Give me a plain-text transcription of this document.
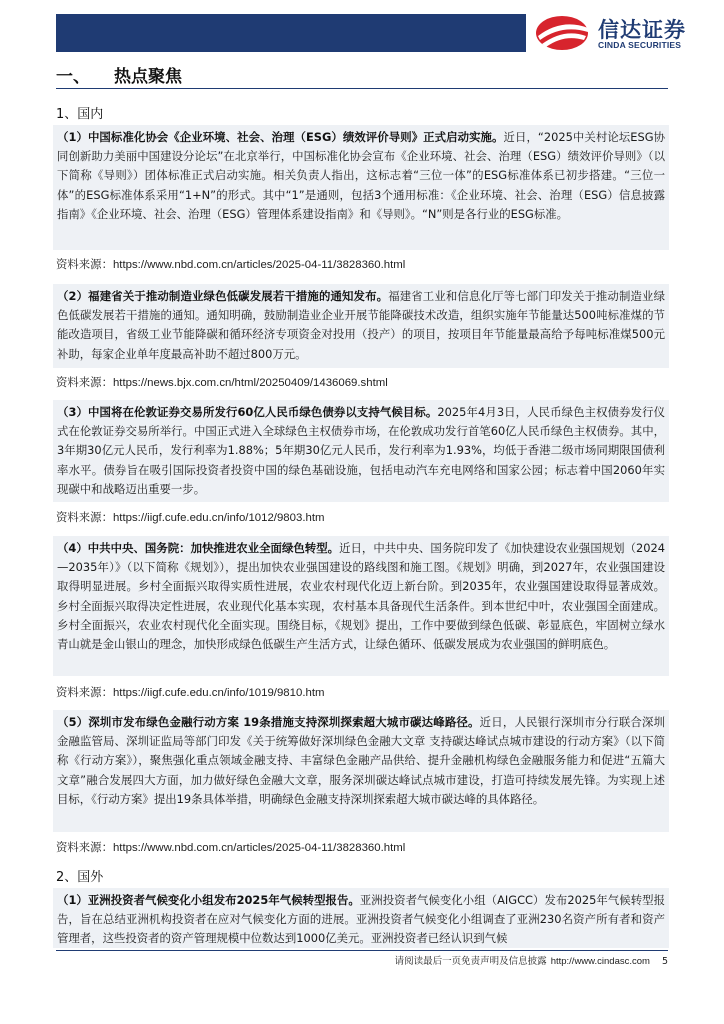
信达证券
CINDA SECURITIES
一、 热点聚焦
1、国内
（1）中国标准化协会《企业环境、社会、治理（ESG）绩效评价导则》正式启动实施。近日，“2025中关村论坛ESG协同创新助力美丽中国建设分论坛”在北京举行，中国标准化协会宣布《企业环境、社会、治理（ESG）绩效评价导则》（以下简称《导则》）团体标准正式启动实施。相关负责人指出，这标志着“三位一体”的ESG标准体系已初步搭建。“三位一体”的ESG标准体系采用“1+N”的形式。其中“1”是通则，包括3个通用标准：《企业环境、社会、治理（ESG）信息披露指南》《企业环境、社会、治理（ESG）管理体系建设指南》和《导则》。“N”则是各行业的ESG标准。
资料来源：https://www.nbd.com.cn/articles/2025-04-11/3828360.html
（2）福建省关于推动制造业绿色低碳发展若干措施的通知发布。福建省工业和信息化厅等七部门印发关于推动制造业绿色低碳发展若干措施的通知。通知明确，鼓励制造业企业开展节能降碳技术改造，组织实施年节能量达500吨标准煤的节能改造项目，省级工业节能降碳和循环经济专项资金对投用（投产）的项目，按项目年节能量最高给予每吨标准煤500元补助，每家企业单年度最高补助不超过800万元。
资料来源：https://news.bjx.com.cn/html/20250409/1436069.shtml
（3）中国将在伦敦证券交易所发行60亿人民币绿色债券以支持气候目标。2025年4月3日，人民币绿色主权债券发行仪式在伦敦证券交易所举行。中国正式进入全球绿色主权债券市场，在伦敦成功发行首笔60亿人民币绿色主权债券。其中，3年期30亿元人民币，发行利率为1.88%；5年期30亿元人民币，发行利率为1.93%，均低于香港二级市场同期限国债利率水平。债券旨在吸引国际投资者投资中国的绿色基础设施，包括电动汽车充电网络和国家公园；标志着中国2060年实现碳中和战略迈出重要一步。
资料来源：https://iigf.cufe.edu.cn/info/1012/9803.htm
（4）中共中央、国务院：加快推进农业全面绿色转型。近日，中共中央、国务院印发了《加快建设农业强国规划（2024—2035年）》（以下简称《规划》），提出加快农业强国建设的路线图和施工图。《规划》明确，到2027年，农业强国建设取得明显进展。乡村全面振兴取得实质性进展，农业农村现代化迈上新台阶。到2035年，农业强国建设取得显著成效。乡村全面振兴取得决定性进展，农业现代化基本实现，农村基本具备现代生活条件。到本世纪中叶，农业强国全面建成。乡村全面振兴，农业农村现代化全面实现。围绕目标，《规划》提出，工作中要做到绿色低碳、彰显底色，牢固树立绿水青山就是金山银山的理念，加快形成绿色低碳生产生活方式，让绿色循环、低碳发展成为农业强国的鲜明底色。
资料来源：https://iigf.cufe.edu.cn/info/1019/9810.htm
（5）深圳市发布绿色金融行动方案 19条措施支持深圳探索超大城市碳达峰路径。近日，人民银行深圳市分行联合深圳金融监管局、深圳证监局等部门印发《关于统筹做好深圳绿色金融大文章 支持碳达峰试点城市建设的行动方案》（以下简称《行动方案》），聚焦强化重点领域金融支持、丰富绿色金融产品供给、提升金融机构绿色金融服务能力和促进“五篇大文章”融合发展四大方面，加力做好绿色金融大文章，服务深圳碳达峰试点城市建设，打造可持续发展先锋。为实现上述目标，《行动方案》提出19条具体举措，明确绿色金融支持深圳探索超大城市碳达峰的具体路径。
资料来源：https://www.nbd.com.cn/articles/2025-04-11/3828360.html
2、国外
（1）亚洲投资者气候变化小组发布2025年气候转型报告。亚洲投资者气候变化小组（AIGCC）发布2025年气候转型报告，旨在总结亚洲机构投资者在应对气候变化方面的进展。亚洲投资者气候变化小组调查了亚洲230名资产所有者和资产管理者，这些投资者的资产管理规模中位数达到1000亿美元。亚洲投资者已经认识到气候
请阅读最后一页免责声明及信息披露 http://www.cindasc.com 5
